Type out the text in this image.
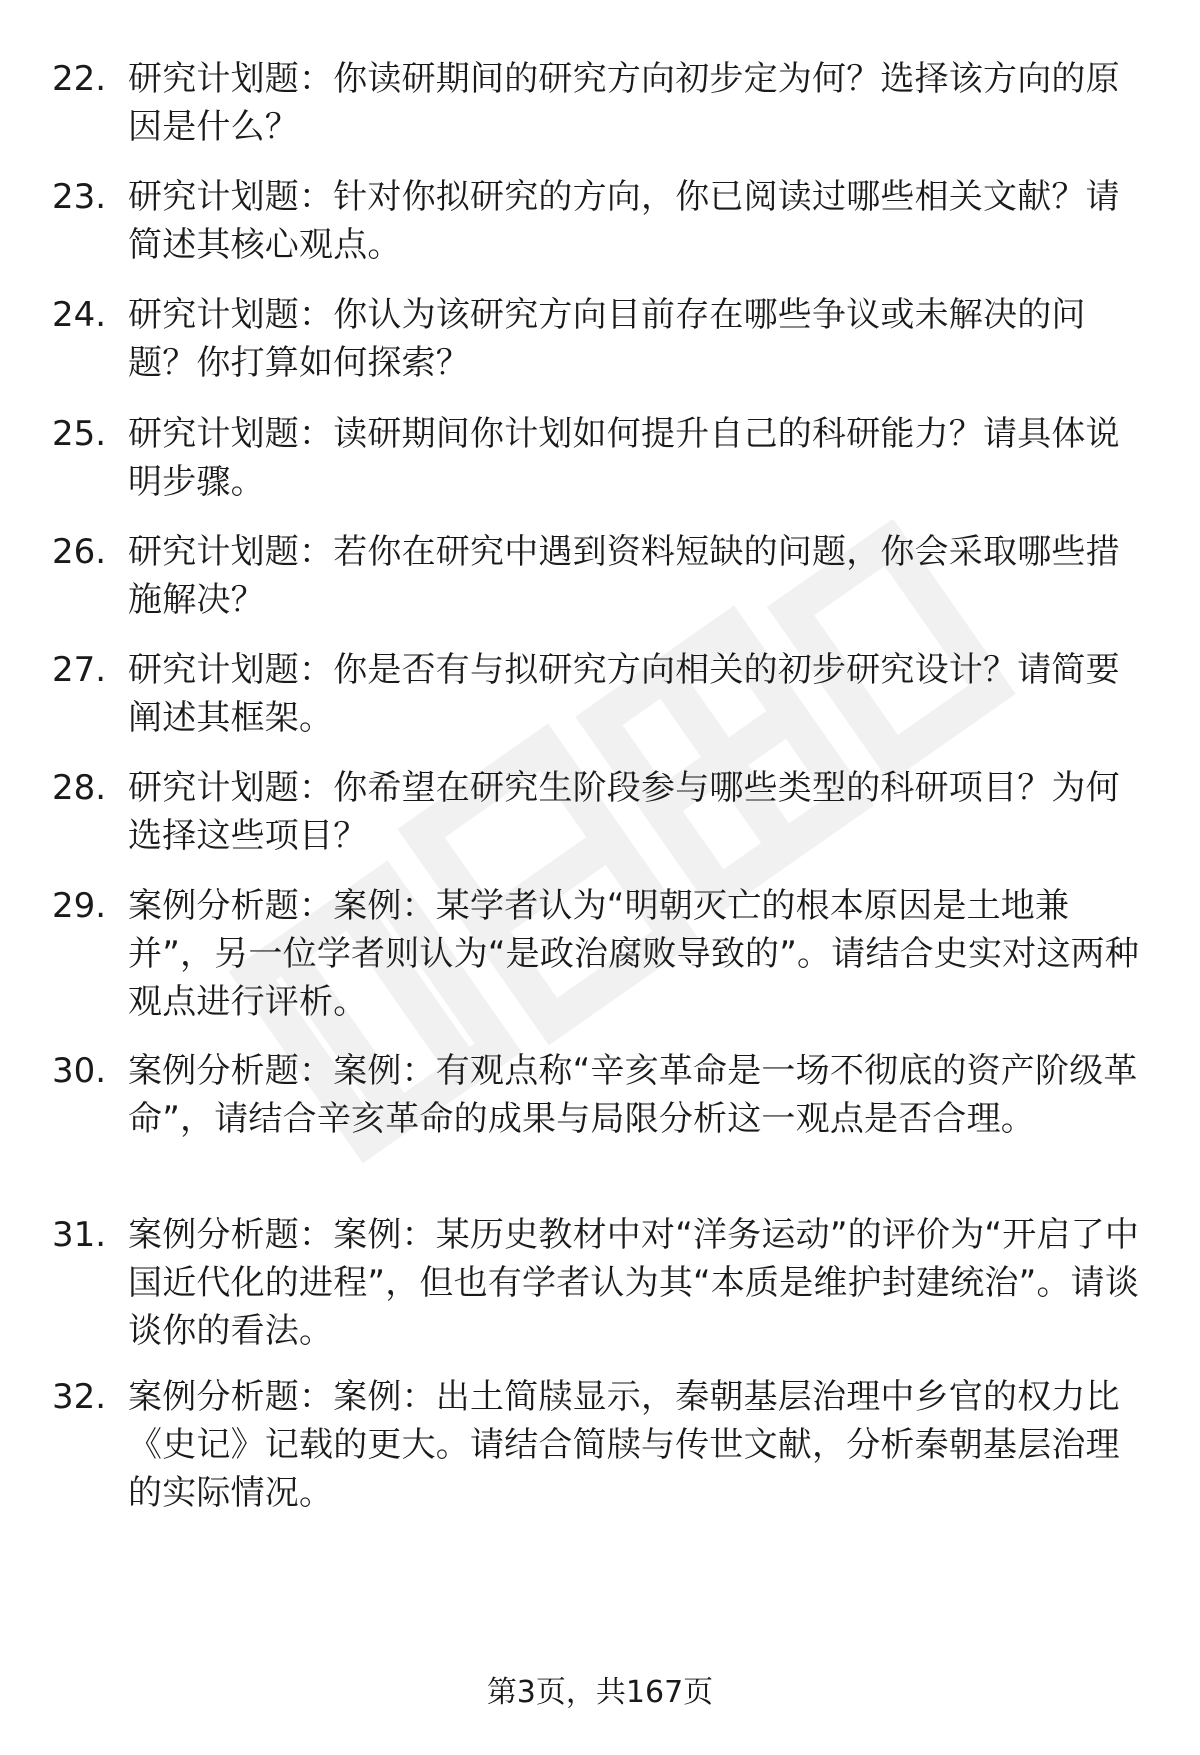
22. 研究计划题：你读研期间的研究方向初步定为何？选择该方向的原因是什么？
23. 研究计划题：针对你拟研究的方向，你已阅读过哪些相关文献？请简述其核心观点。
24. 研究计划题：你认为该研究方向目前存在哪些争议或未解决的问题？你打算如何探索？
25. 研究计划题：读研期间你计划如何提升自己的科研能力？请具体说明步骤。
26. 研究计划题：若你在研究中遇到资料短缺的问题，你会采取哪些措施解决？
27. 研究计划题：你是否有与拟研究方向相关的初步研究设计？请简要阐述其框架。
28. 研究计划题：你希望在研究生阶段参与哪些类型的科研项目？为何选择这些项目？
29. 案例分析题：案例：某学者认为“明朝灭亡的根本原因是土地兼并”，另一位学者则认为“是政治腐败导致的”。请结合史实对这两种观点进行评析。
30. 案例分析题：案例：有观点称“辛亥革命是一场不彻底的资产阶级革命”，请结合辛亥革命的成果与局限分析这一观点是否合理。
31. 案例分析题：案例：某历史教材中对“洋务运动”的评价为“开启了中国近代化的进程”，但也有学者认为其“本质是维护封建统治”。请谈谈你的看法。
32. 案例分析题：案例：出土简牍显示，秦朝基层治理中乡官的权力比《史记》记载的更大。请结合简牍与传世文献，分析秦朝基层治理的实际情况。
第3页，共167页
